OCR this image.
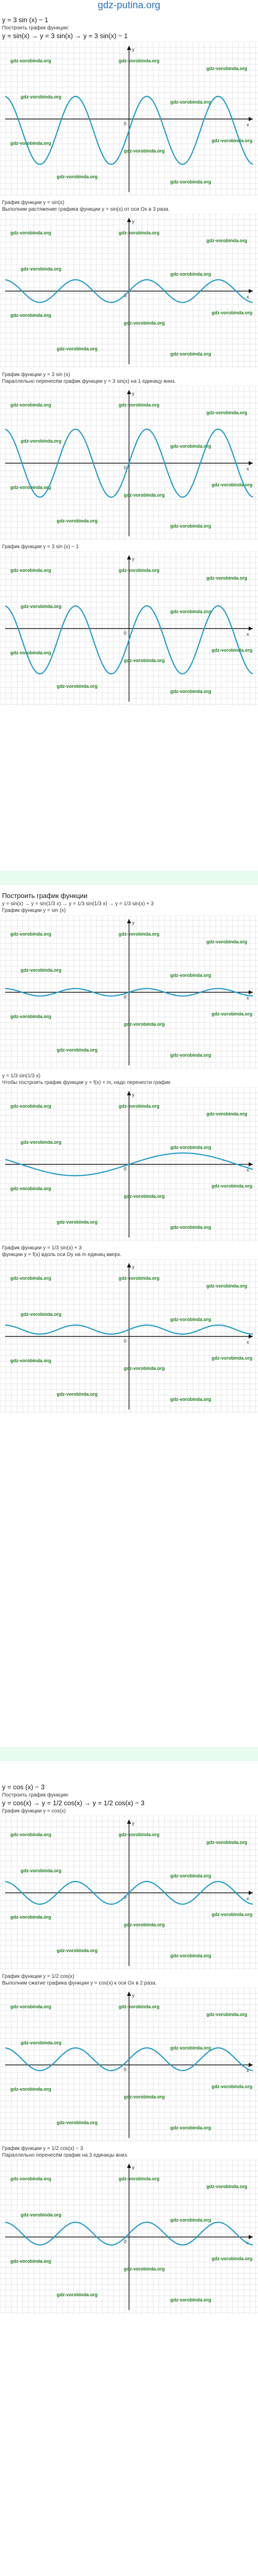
gdz-putina.org
y = 3 sin (x) − 1
Построить график функции:
y = sin(x) → y = 3 sin(x) → y = 3 sin(x) − 1
gdz-vorobinda.org	gdz-vorobinda.org
gdz-vorobinda.org
gdz-vorobinda.org
gdz-vorobinda.org
gdz-vorobinda.org
gdz-vorobinda.org
gdz-vorobinda.org
gdz-vorobinda.org
gdz-vorobinda.org
x
y
0
График функции y = sin(x)
Выполним растяжение графика функции y = sin(x) от оси Ox в 3 раза.
gdz-vorobinda.org	gdz-vorobinda.org
gdz-vorobinda.org
gdz-vorobinda.org
gdz-vorobinda.org
gdz-vorobinda.org
gdz-vorobinda.org
gdz-vorobinda.org
gdz-vorobinda.org
gdz-vorobinda.org
x
y
0
График функции y = 3 sin (x)
Параллельно перенесём график функции y = 3 sin(x) на 1 единицу вниз.
gdz-vorobinda.org	gdz-vorobinda.org
gdz-vorobinda.org
gdz-vorobinda.org
gdz-vorobinda.org
gdz-vorobinda.org
gdz-vorobinda.org
gdz-vorobinda.org
gdz-vorobinda.org
gdz-vorobinda.org
x
y
0
График функции y = 3 sin (x) − 1
gdz-vorobinda.org	gdz-vorobinda.org
gdz-vorobinda.org
gdz-vorobinda.org
gdz-vorobinda.org
gdz-vorobinda.org
gdz-vorobinda.org
gdz-vorobinda.org
gdz-vorobinda.org
gdz-vorobinda.org
x
y
0
Построить график функции
y = sin(x) → y = sin(1/3 x) → y = 1/3 sin(1/3 x) → y = 1/3 sin(x) + 3
График функции y = sin (x)
gdz-vorobinda.org	gdz-vorobinda.org
gdz-vorobinda.org
gdz-vorobinda.org
gdz-vorobinda.org
gdz-vorobinda.org
gdz-vorobinda.org
gdz-vorobinda.org
gdz-vorobinda.org
gdz-vorobinda.org
x
y
0
y = 1/3 sin(1/3 x)
Чтобы построить график функции y = f(x) + m, надо перенести график
gdz-vorobinda.org	gdz-vorobinda.org
gdz-vorobinda.org
gdz-vorobinda.org
gdz-vorobinda.org
gdz-vorobinda.org
gdz-vorobinda.org
gdz-vorobinda.org
gdz-vorobinda.org
gdz-vorobinda.org
x
y
0
График функции y = 1/3 sin(x) + 3
функции y = f(x) вдоль оси Oy на m единиц вверх.
gdz-vorobinda.org	gdz-vorobinda.org
gdz-vorobinda.org
gdz-vorobinda.org
gdz-vorobinda.org
gdz-vorobinda.org
gdz-vorobinda.org
gdz-vorobinda.org
gdz-vorobinda.org
gdz-vorobinda.org
x
y
0
y = cos (x) − 3
Построить график функции:
y = cos(x) → y = 1/2 cos(x) → y = 1/2 cos(x) − 3
График функции y = cos(x)
gdz-vorobinda.org	gdz-vorobinda.org
gdz-vorobinda.org
gdz-vorobinda.org
gdz-vorobinda.org
gdz-vorobinda.org
gdz-vorobinda.org
gdz-vorobinda.org
gdz-vorobinda.org
gdz-vorobinda.org
x
y
0
График функции y = 1/2 cos(x)
Выполним сжатие графика функции y = cos(x) к оси Ox в 2 раза.
gdz-vorobinda.org	gdz-vorobinda.org
gdz-vorobinda.org
gdz-vorobinda.org
gdz-vorobinda.org
gdz-vorobinda.org
gdz-vorobinda.org
gdz-vorobinda.org
gdz-vorobinda.org
gdz-vorobinda.org
x
y
0
График функции y = 1/2 cos(x) − 3
Параллельно перенесём график на 3 единицы вниз.
gdz-vorobinda.org	gdz-vorobinda.org
gdz-vorobinda.org
gdz-vorobinda.org
gdz-vorobinda.org
gdz-vorobinda.org
gdz-vorobinda.org
gdz-vorobinda.org
gdz-vorobinda.org
gdz-vorobinda.org
x
y
0
